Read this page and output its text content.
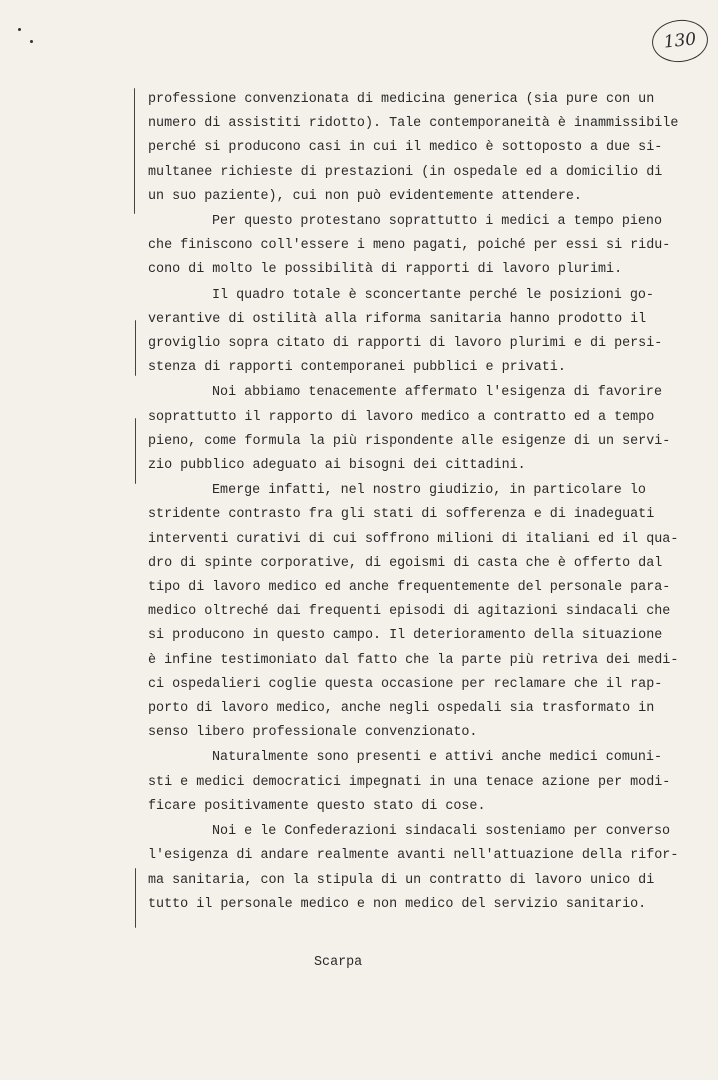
130
professione convenzionata di medicina generica (sia pure con un
numero di assistiti ridotto). Tale contemporaneità è inammissibile
perché si producono casi in cui il medico è sottoposto a due si-
multanee richieste di prestazioni (in ospedale ed a domicilio di
un suo paziente), cui non può evidentemente attendere.
Per questo protestano soprattutto i medici a tempo pieno
che finiscono coll'essere i meno pagati, poiché per essi si ridu-
cono di molto le possibilità di rapporti di lavoro plurimi.
Il quadro totale è sconcertante perché le posizioni go-
verantive di ostilità alla riforma sanitaria hanno prodotto il
groviglio sopra citato di rapporti di lavoro plurimi e di persi-
stenza di rapporti contemporanei pubblici e privati.
Noi abbiamo tenacemente affermato l'esigenza di favorire
soprattutto il rapporto di lavoro medico a contratto ed a tempo
pieno, come formula la più rispondente alle esigenze di un servi-
zio pubblico adeguato ai bisogni dei cittadini.
Emerge infatti, nel nostro giudizio, in particolare lo
stridente contrasto fra gli stati di sofferenza e di inadeguati
interventi curativi di cui soffrono milioni di italiani ed il qua-
dro di spinte corporative, di egoismi di casta che è offerto dal
tipo di lavoro medico ed anche frequentemente del personale para-
medico oltreché dai frequenti episodi di agitazioni sindacali che
si producono in questo campo. Il deterioramento della situazione
è infine testimoniato dal fatto che la parte più retriva dei medi-
ci ospedalieri coglie questa occasione per reclamare che il rap-
porto di lavoro medico, anche negli ospedali sia trasformato in
senso libero professionale convenzionato.
Naturalmente sono presenti e attivi anche medici comuni-
sti e medici democratici impegnati in una tenace azione per modi-
ficare positivamente questo stato di cose.
Noi e le Confederazioni sindacali sosteniamo per converso
l'esigenza di andare realmente avanti nell'attuazione della rifor-
ma sanitaria, con la stipula di un contratto di lavoro unico di
tutto il personale medico e non medico del servizio sanitario.
Scarpa
